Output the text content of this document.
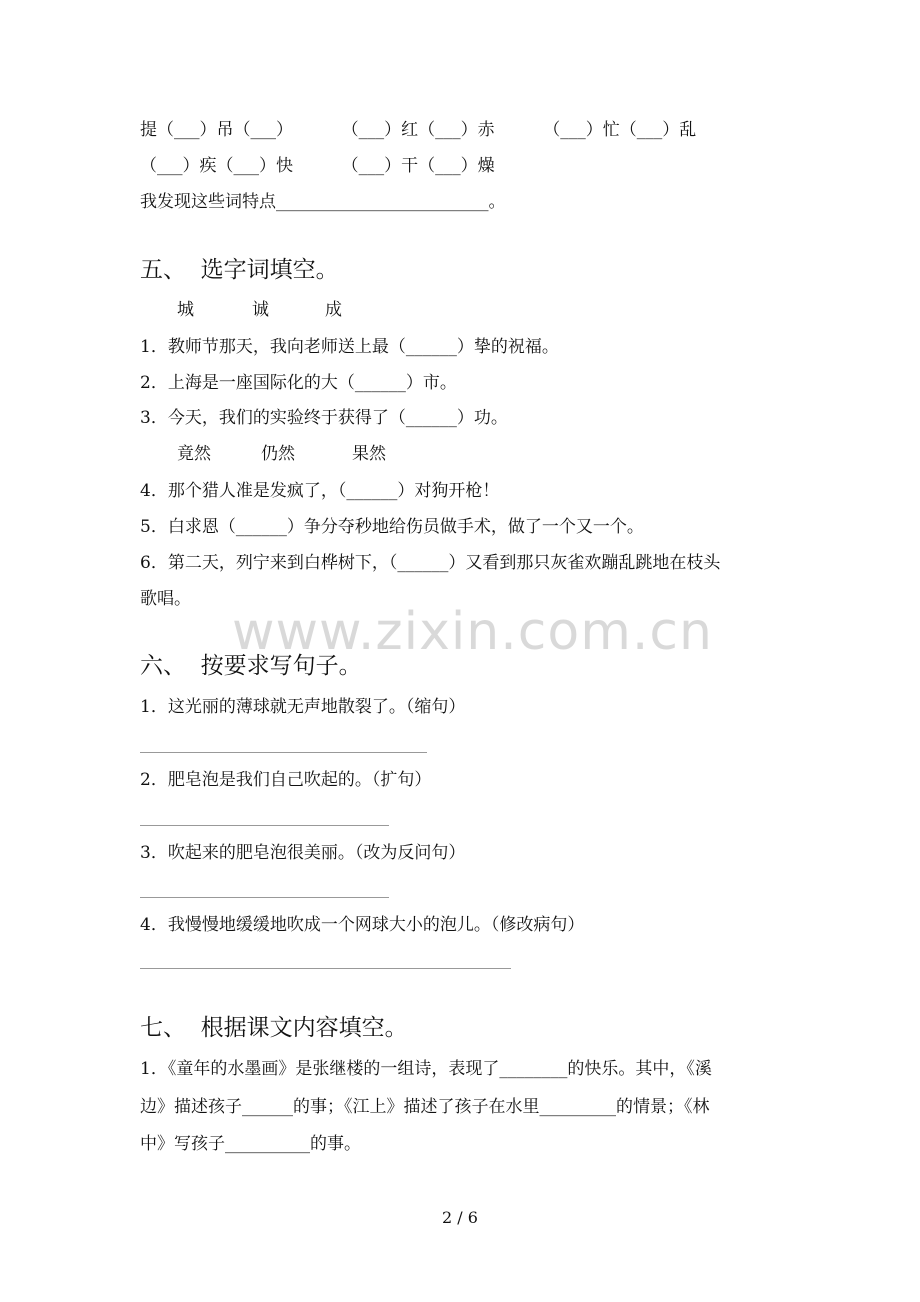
提（___）吊（___）         （___）红（___）赤         （___）忙（___）乱
（___）疾（___）快         （___）干（___）燥
我发现这些词特点_________________________。
五、  选字词填空。
城	诚	成
1．教师节那天，我向老师送上最（______）挚的祝福。
2．上海是一座国际化的大（______）市。
3．今天，我们的实验终于获得了（______）功。
竟然	仍然	果然
4．那个猎人准是发疯了，（______）对狗开枪！
5．白求恩（______）争分夺秒地给伤员做手术，做了一个又一个。
6．第二天，列宁来到白桦树下，（______）又看到那只灰雀欢蹦乱跳地在枝头
歌唱。
www.zixin.com.cn
六、  按要求写句子。
1．这光丽的薄球就无声地散裂了。（缩句）
2．肥皂泡是我们自己吹起的。（扩句）
3．吹起来的肥皂泡很美丽。（改为反问句）
4．我慢慢地缓缓地吹成一个网球大小的泡儿。（修改病句）
七、  根据课文内容填空。
1．《童年的水墨画》是张继楼的一组诗，表现了________的快乐。其中，《溪
边》描述孩子______的事；《江上》描述了孩子在水里_________的情景；《林
中》写孩子__________的事。
2 / 6
